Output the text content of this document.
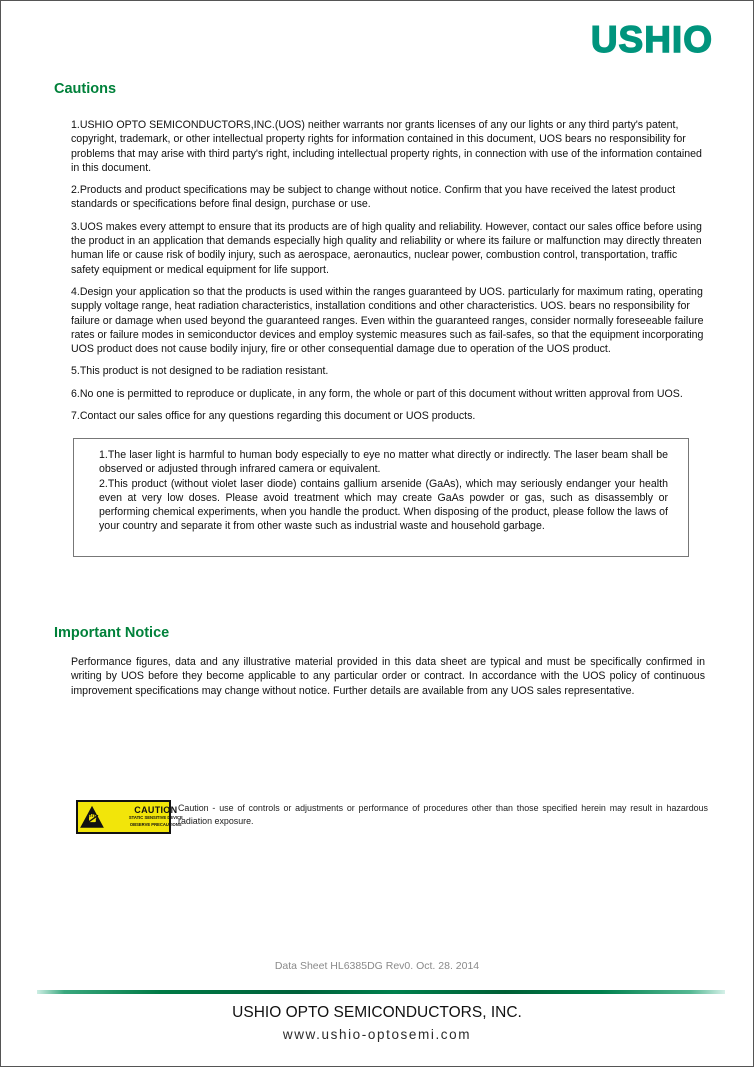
USHIO
Cautions
1.USHIO OPTO SEMICONDUCTORS,INC.(UOS) neither warrants nor grants licenses of any our lights or any third party's patent, copyright, trademark, or other intellectual property rights for information contained in this document, UOS bears no responsibility for problems that may arise with third party's right, including intellectual property rights, in connection with use of the information contained in this document.
2.Products and product specifications may be subject to change without notice. Confirm that you have received the latest product standards or specifications before final design, purchase or use.
3.UOS makes every attempt to ensure that its products are of high quality and reliability. However, contact our sales office before using the product in an application that demands especially high quality and reliability or where its failure or malfunction may directly threaten human life or cause risk of bodily injury, such as aerospace, aeronautics, nuclear power, combustion control, transportation, traffic safety equipment or medical equipment for life support.
4.Design your application so that the products is used within the ranges guaranteed by UOS. particularly for maximum rating, operating supply voltage range, heat radiation characteristics, installation conditions and other characteristics. UOS. bears no responsibility for failure or damage when used beyond the guaranteed ranges. Even within the guaranteed ranges, consider normally foreseeable failure rates or failure modes in semiconductor devices and employ systemic measures such as fail-safes, so that the equipment incorporating UOS product does not cause bodily injury, fire or other consequential damage due to operation of the UOS product.
5.This product is not designed to be radiation resistant.
6.No one is permitted to reproduce or duplicate, in any form, the whole or part of this document without written approval from UOS.
7.Contact our sales office for any questions regarding this document or UOS products.
1.The laser light is harmful to human body especially to eye no matter what directly or indirectly. The laser beam shall be observed or adjusted through infrared camera or equivalent.
2.This product (without violet laser diode) contains gallium arsenide (GaAs), which may seriously endanger your health even at very low doses. Please avoid treatment which may create GaAs powder or gas, such as disassembly or performing chemical experiments, when you handle the product. When disposing of the product, please follow the laws of your country and separate it from other waste such as industrial waste and household garbage.
Important Notice
Performance figures, data and any illustrative material provided in this data sheet are typical and must be specifically confirmed in writing by UOS before they become applicable to any particular order or contract. In accordance with the UOS policy of continuous improvement specifications may change without notice. Further details are available from any UOS sales representative.
CAUTION
STATIC SENSITIVE DEVICE
OBSERVE PRECAUTIONS
Caution - use of controls or adjustments or performance of procedures other than those specified herein may result in hazardous radiation exposure.
Data Sheet HL6385DG Rev0. Oct. 28. 2014
USHIO OPTO SEMICONDUCTORS, INC.
www.ushio-optosemi.com
